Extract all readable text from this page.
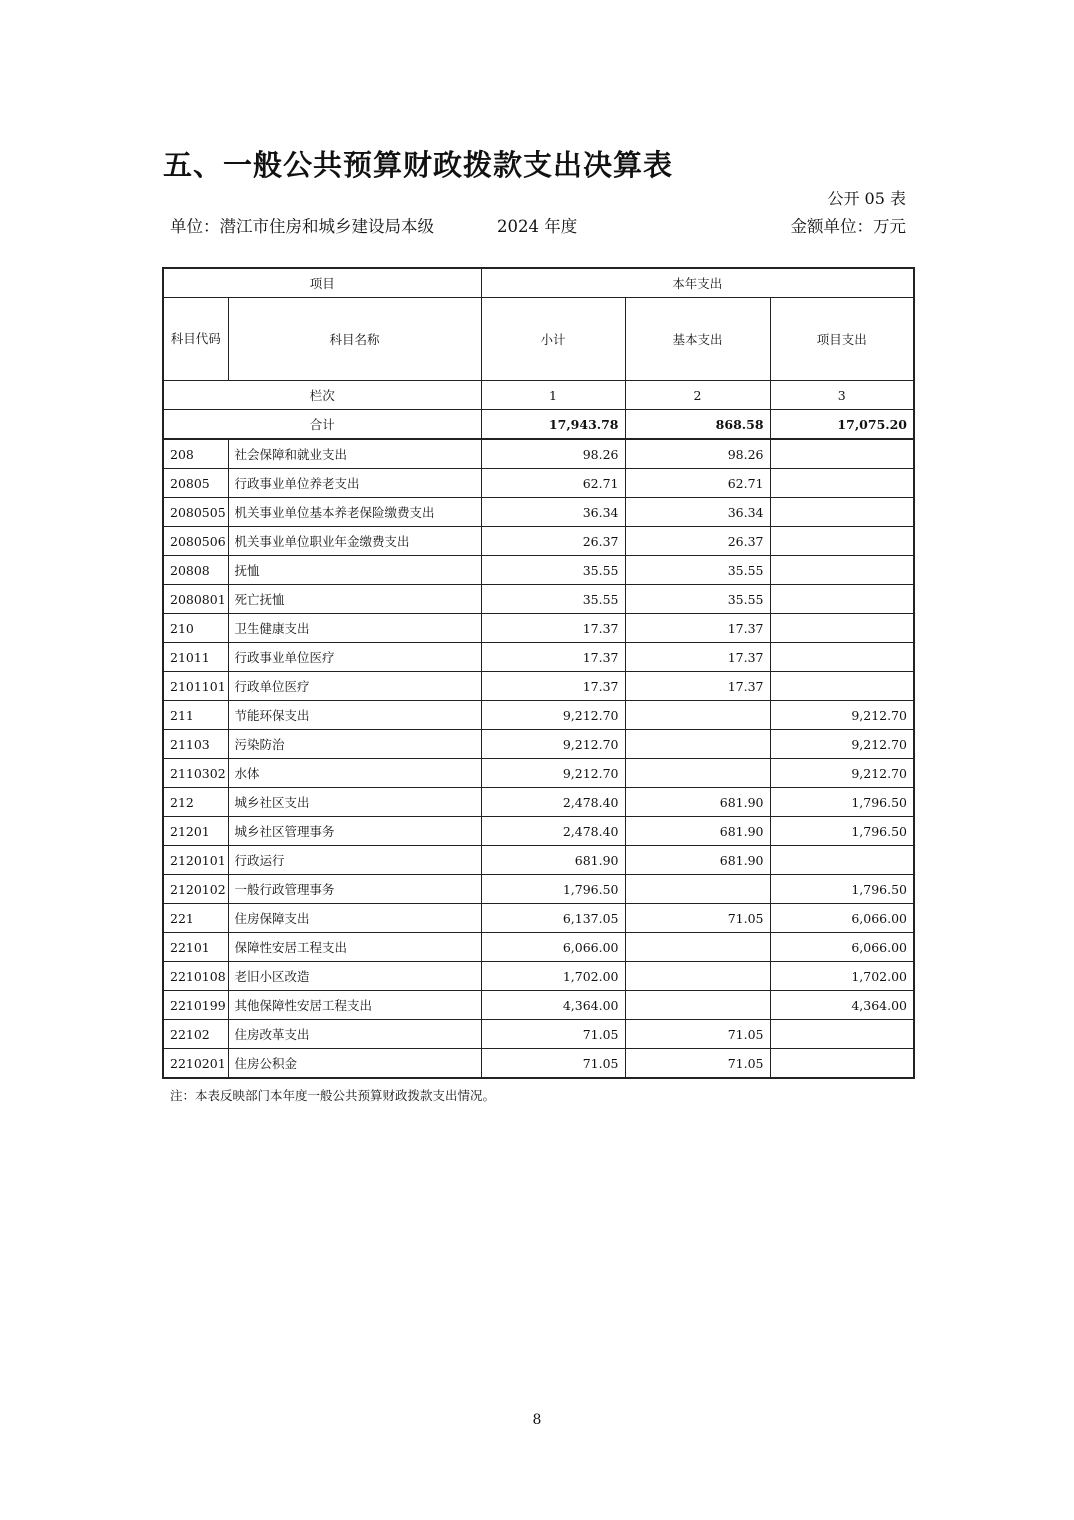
五、一般公共预算财政拨款支出决算表
公开 05 表
单位：潜江市住房和城乡建设局本级	2024 年度	金额单位：万元
项目		本年支出		
科目代码	科目名称	小计	基本支出	项目支出
栏次		1	2	3
合计		17,943.78	868.58	17,075.20
208	社会保障和就业支出	98.26	98.26	
20805	行政事业单位养老支出	62.71	62.71	
2080505	机关事业单位基本养老保险缴费支出	36.34	36.34	
2080506	机关事业单位职业年金缴费支出	26.37	26.37	
20808	抚恤	35.55	35.55	
2080801	死亡抚恤	35.55	35.55	
210	卫生健康支出	17.37	17.37	
21011	行政事业单位医疗	17.37	17.37	
2101101	行政单位医疗	17.37	17.37	
211	节能环保支出	9,212.70		9,212.70
21103	污染防治	9,212.70		9,212.70
2110302	水体	9,212.70		9,212.70
212	城乡社区支出	2,478.40	681.90	1,796.50
21201	城乡社区管理事务	2,478.40	681.90	1,796.50
2120101	行政运行	681.90	681.90	
2120102	一般行政管理事务	1,796.50		1,796.50
221	住房保障支出	6,137.05	71.05	6,066.00
22101	保障性安居工程支出	6,066.00		6,066.00
2210108	老旧小区改造	1,702.00		1,702.00
2210199	其他保障性安居工程支出	4,364.00		4,364.00
22102	住房改革支出	71.05	71.05	
2210201	住房公积金	71.05	71.05	
注：本表反映部门本年度一般公共预算财政拨款支出情况。
8
